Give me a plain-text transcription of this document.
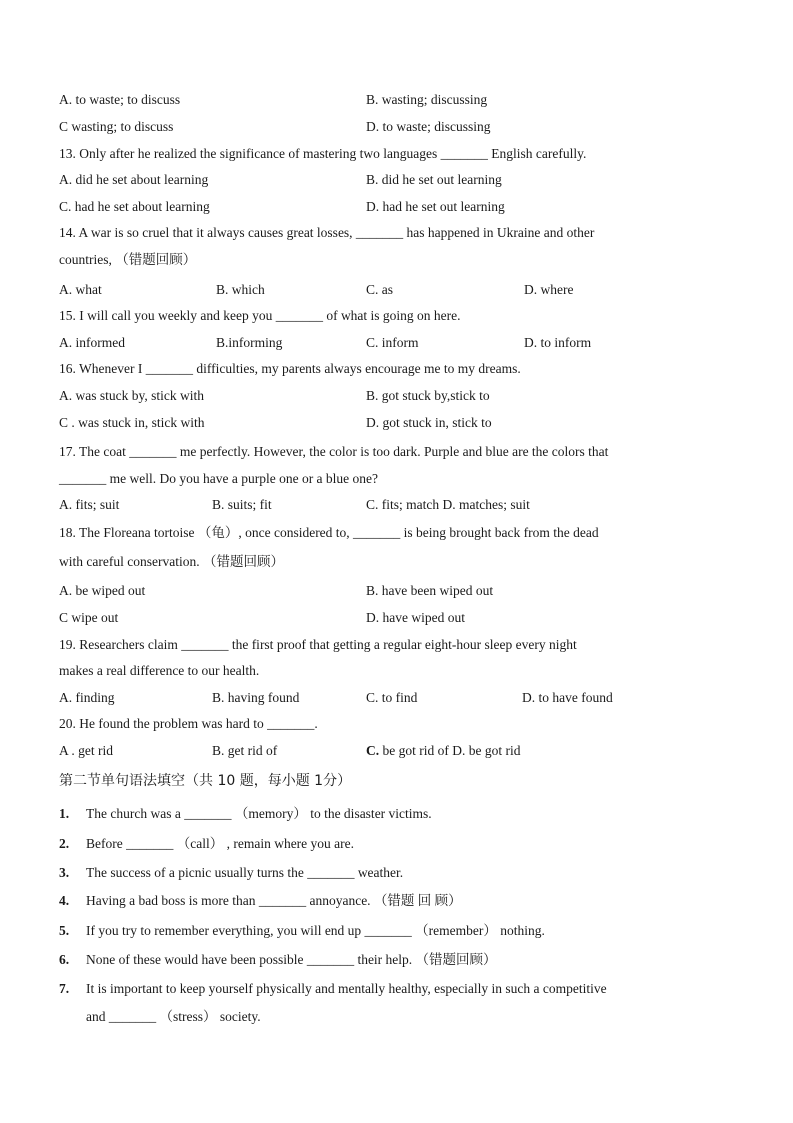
A. to waste; to discuss	B. wasting; discussing
C wasting; to discuss	D. to waste; discussing
13. Only after he realized the significance of mastering two languages _______ English carefully.
A. did he set about learning	B. did he set out learning
C. had he set about learning	D. had he set out learning
14. A war is so cruel that it always causes great losses, _______ has happened in Ukraine and other
countries, （错题回顾）
A. what	B. which	C. as	D. where
15. I will call you weekly and keep you _______ of what is going on here.
A. informed	B.informing	C. inform	D. to inform
16. Whenever I _______ difficulties, my parents always encourage me to my dreams.
A. was stuck by, stick with	B. got stuck by,stick to
C . was stuck in, stick with	D. got stuck in, stick to
17. The coat _______ me perfectly. However, the color is too dark. Purple and blue are the colors that
_______ me well. Do you have a purple one or a blue one?
A. fits; suit	B. suits; fit	C. fits; match D. matches; suit
18. The Floreana tortoise （龟）, once considered to, _______ is being brought back from the dead
with careful conservation. （错题回顾）
A. be wiped out	B. have been wiped out
C wipe out	D. have wiped out
19. Researchers claim _______ the first proof that getting a regular eight-hour sleep every night
makes a real difference to our health.
A. finding	B. having found	C. to find	D. to have found
20. He found the problem was hard to _______.
A . get rid	B. get rid of	C. be got rid of D. be got rid
第二节单句语法填空（共 10 题，每小题 1分）
1. The church was a _______ （memory） to the disaster victims.
2. Before _______ （call） , remain where you are.
3. The success of a picnic usually turns the _______ weather.
4. Having a bad boss is more than _______ annoyance. （错题 回 顾）
5. If you try to remember everything, you will end up _______ （remember） nothing.
6. None of these would have been possible _______ their help. （错题回顾）
7. It is important to keep yourself physically and mentally healthy, especially in such a competitive
and _______ （stress） society.
